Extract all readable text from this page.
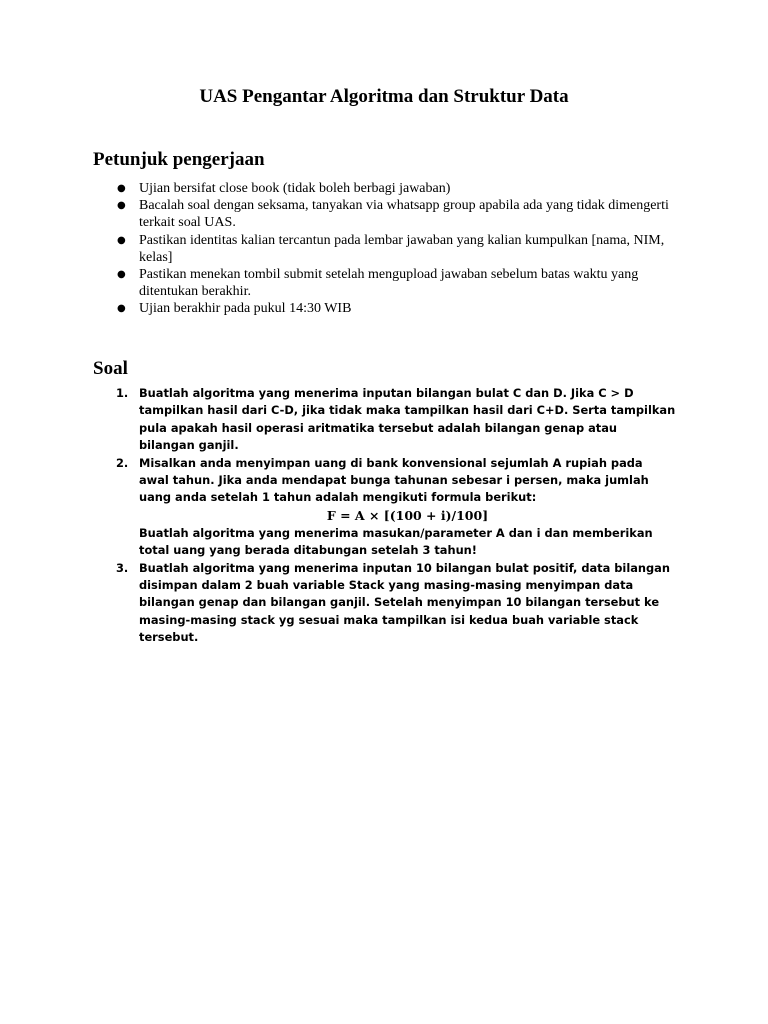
UAS Pengantar Algoritma dan Struktur Data
Petunjuk pengerjaan
● Ujian bersifat close book (tidak boleh berbagi jawaban)
● Bacalah soal dengan seksama, tanyakan via whatsapp group apabila ada yang tidak dimengerti terkait soal UAS.
● Pastikan identitas kalian tercantun pada lembar jawaban yang kalian kumpulkan [nama, NIM, kelas]
● Pastikan menekan tombil submit setelah mengupload jawaban sebelum batas waktu yang ditentukan berakhir.
● Ujian berakhir pada pukul 14:30 WIB
Soal
1. Buatlah algoritma yang menerima inputan bilangan bulat C dan D. Jika C > D tampilkan hasil dari C-D, jika tidak maka tampilkan hasil dari C+D. Serta tampilkan pula apakah hasil operasi aritmatika tersebut adalah bilangan genap atau bilangan ganjil.
2. Misalkan anda menyimpan uang di bank konvensional sejumlah A rupiah pada awal tahun. Jika anda mendapat bunga tahunan sebesar i persen, maka jumlah uang anda setelah 1 tahun adalah mengikuti formula berikut:
F = A × [(100 + i)/100]
Buatlah algoritma yang menerima masukan/parameter A dan i dan memberikan total uang yang berada ditabungan setelah 3 tahun!
3. Buatlah algoritma yang menerima inputan 10 bilangan bulat positif, data bilangan disimpan dalam 2 buah variable Stack yang masing-masing menyimpan data bilangan genap dan bilangan ganjil. Setelah menyimpan 10 bilangan tersebut ke masing-masing stack yg sesuai maka tampilkan isi kedua buah variable stack tersebut.
